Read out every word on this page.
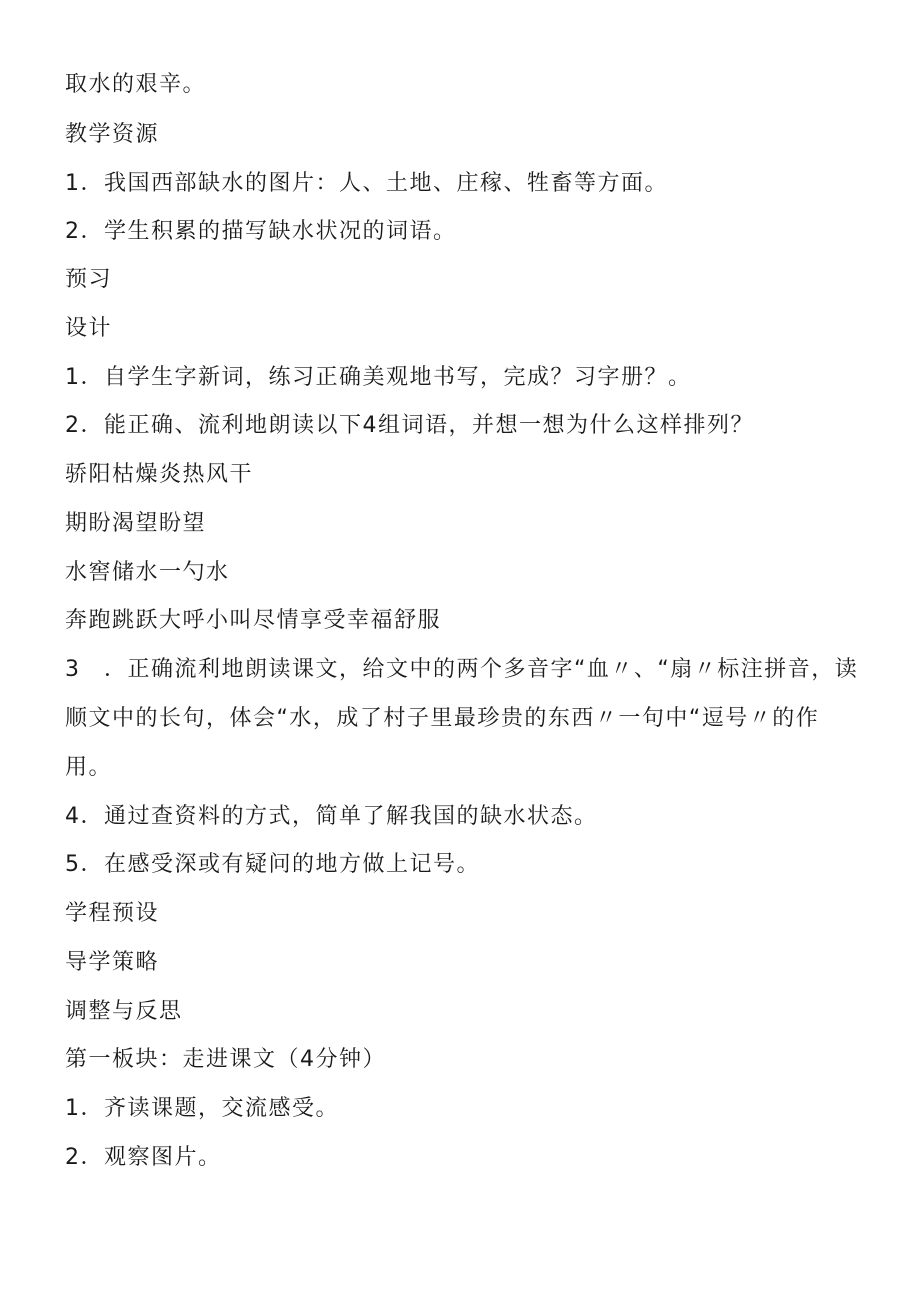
取水的艰辛。
教学资源
1．我国西部缺水的图片：人、土地、庄稼、牲畜等方面。
2．学生积累的描写缺水状况的词语。
预习
设计
1．自学生字新词，练习正确美观地书写，完成？习字册？。
2．能正确、流利地朗读以下4组词语，并想一想为什么这样排列？
骄阳枯燥炎热风干
期盼渴望盼望
水窖储水一勺水
奔跑跳跃大呼小叫尽情享受幸福舒服
3　．正确流利地朗读课文，给文中的两个多音字“血〃、“扇〃标注拼音，读
顺文中的长句，体会“水，成了村子里最珍贵的东西〃一句中“逗号〃的作
用。
4．通过查资料的方式，简单了解我国的缺水状态。
5．在感受深或有疑问的地方做上记号。
学程预设
导学策略
调整与反思
第一板块：走进课文（4分钟）
1．齐读课题，交流感受。
2．观察图片。
